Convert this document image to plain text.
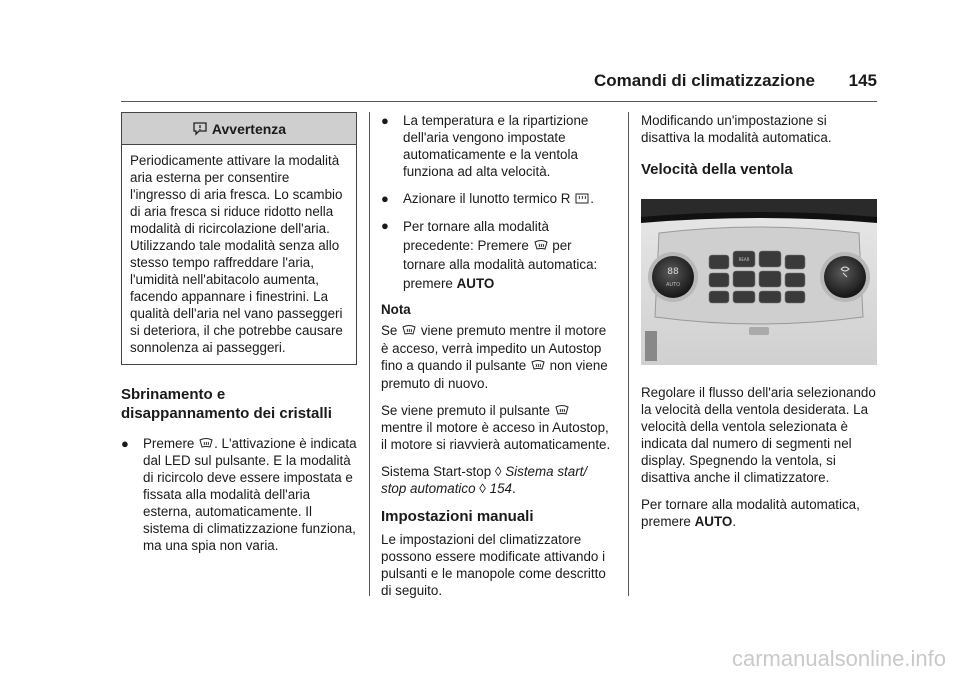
Comandi di climatizzazione 145
Avvertenza
Periodicamente attivare la modalità aria esterna per consentire l'ingresso di aria fresca. Lo scambio di aria fresca si riduce ridotto nella modalità di ricircolazione dell'aria. Utilizzando tale modalità senza allo stesso tempo raffreddare l'aria, l'umidità nell'abitacolo aumenta, facendo appannare i finestrini. La qualità dell'aria nel vano passeggeri si deteriora, il che potrebbe causare sonnolenza ai passeggeri.
Sbrinamento e disappannamento dei cristalli
●	Premere . L'attivazione è indicata dal LED sul pulsante. E la modalità di ricircolo deve essere impostata e fissata alla modalità dell'aria esterna, automaticamente. Il sistema di climatizzazione funziona, ma una spia non varia.

●	La temperatura e la ripartizione dell'aria vengono impostate automaticamente e la ventola funziona ad alta velocità.

●	Azionare il lunotto termico R .

●	Per tornare alla modalità precedente: Premere per tornare alla modalità automatica: premere AUTO

Nota

Se viene premuto mentre il motore è acceso, verrà impedito un Autostop fino a quando il pulsante non viene premuto di nuovo.

Se viene premuto il pulsante  mentre il motore è acceso in Autostop, il motore si riavvierà automaticamente.

Sistema Start-stop ◊ Sistema start/ stop automatico ◊ 154.

Impostazioni manuali

Le impostazioni del climatizzatore possono essere modificate attivando i pulsanti e le manopole come descritto di seguito.

Modificando un'impostazione si disattiva la modalità automatica.

Velocità della ventola
88
AUTO
REAR

Regolare il flusso dell'aria selezionando la velocità della ventola desiderata. La velocità della ventola selezionata è indicata dal numero di segmenti nel display. Spegnendo la ventola, si disattiva anche il climatizzatore.

Per tornare alla modalità automatica, premere AUTO.

carmanualsonline.info
